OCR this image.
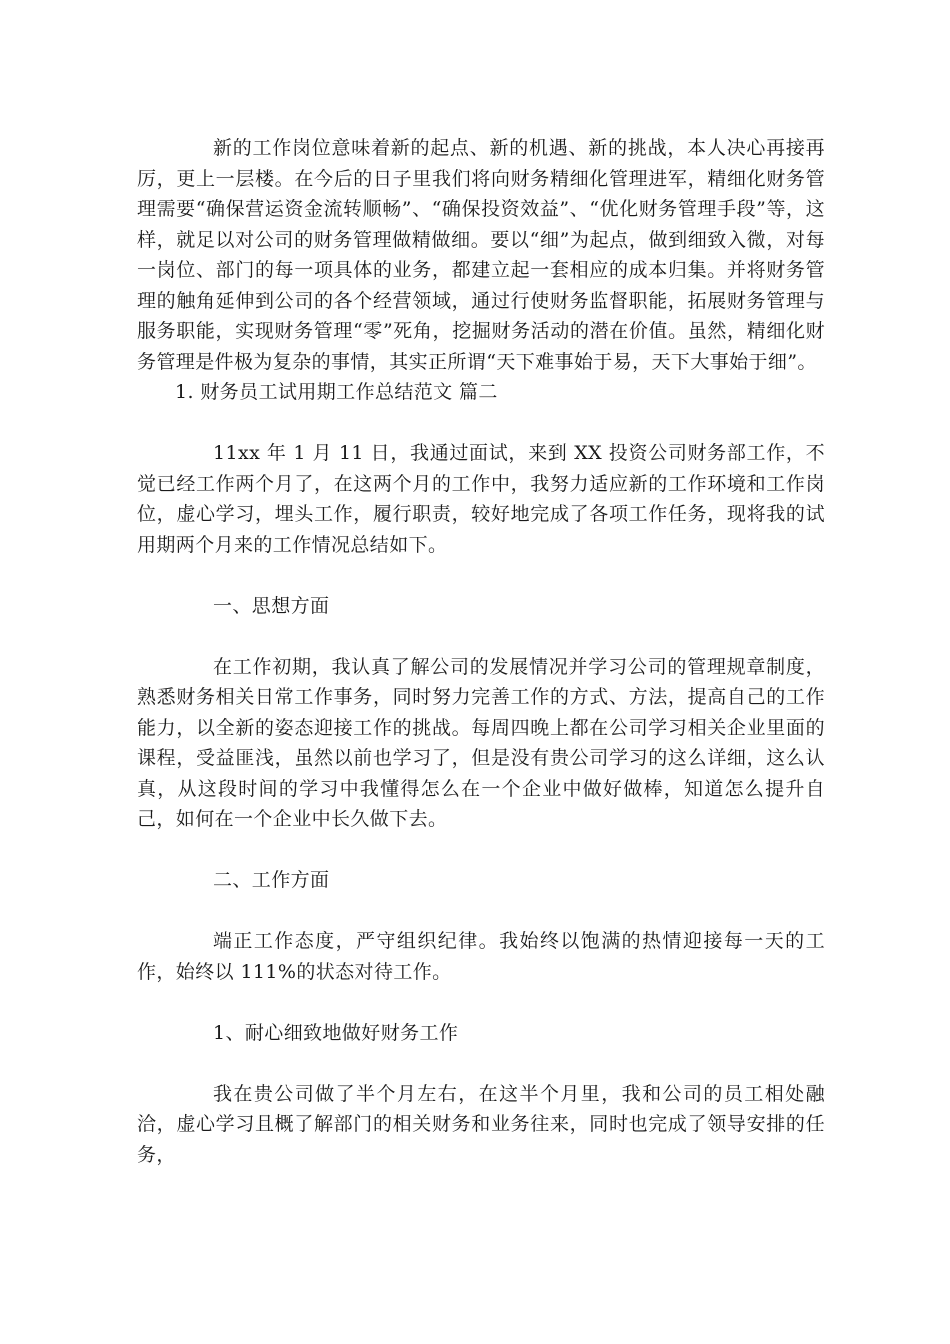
新的工作岗位意味着新的起点、新的机遇、新的挑战，本人决心再接再厉，更上一层楼。在今后的日子里我们将向财务精细化管理进军，精细化财务管理需要“确保营运资金流转顺畅”、“确保投资效益”、“优化财务管理手段”等，这样，就足以对公司的财务管理做精做细。要以“细”为起点，做到细致入微，对每一岗位、部门的每一项具体的业务，都建立起一套相应的成本归集。并将财务管理的触角延伸到公司的各个经营领域，通过行使财务监督职能，拓展财务管理与服务职能，实现财务管理“零”死角，挖掘财务活动的潜在价值。虽然，精细化财务管理是件极为复杂的事情，其实正所谓“天下难事始于易，天下大事始于细”。

1. 财务员工试用期工作总结范文 篇二

11xx 年 1 月 11 日，我通过面试，来到 XX 投资公司财务部工作，不觉已经工作两个月了，在这两个月的工作中，我努力适应新的工作环境和工作岗位，虚心学习，埋头工作，履行职责，较好地完成了各项工作任务，现将我的试用期两个月来的工作情况总结如下。

一、思想方面

在工作初期，我认真了解公司的发展情况并学习公司的管理规章制度，熟悉财务相关日常工作事务，同时努力完善工作的方式、方法，提高自己的工作能力，以全新的姿态迎接工作的挑战。每周四晚上都在公司学习相关企业里面的课程，受益匪浅，虽然以前也学习了，但是没有贵公司学习的这么详细，这么认真，从这段时间的学习中我懂得怎么在一个企业中做好做棒，知道怎么提升自己，如何在一个企业中长久做下去。

二、工作方面

端正工作态度，严守组织纪律。我始终以饱满的热情迎接每一天的工作，始终以 111%的状态对待工作。

1、耐心细致地做好财务工作

我在贵公司做了半个月左右，在这半个月里，我和公司的员工相处融洽，虚心学习且概了解部门的相关财务和业务往来，同时也完成了领导安排的任务，
